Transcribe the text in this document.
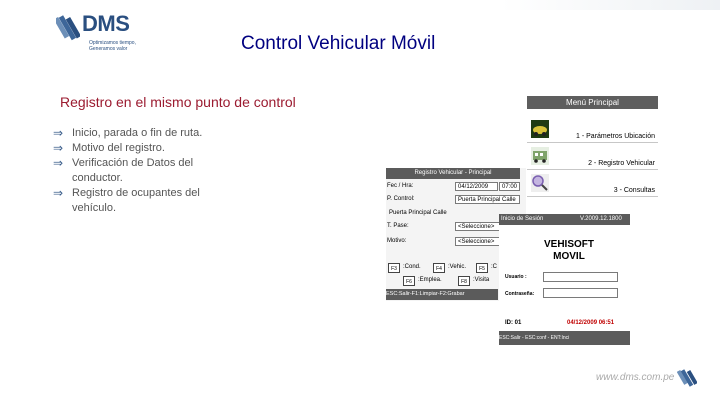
DMS
Optimizamos tiempo,
Generamos valor	Control Vehicular Móvil
Registro en el mismo punto de control
⇒ Inicio, parada o fin de ruta.
⇒ Motivo del registro.
⇒ Verificación de Datos del conductor.
⇒ Registro de ocupantes del vehículo.
Menú Principal
1 - Parámetros Ubicación
2 - Registro Vehicular
3 - Consultas
Registro Vehicular - Principal
Fec / Hra:	04/12/2009	07:00
P. Control:	Puerta Principal Calle
Puerta Principal Calle
T. Pase:	<Seleccione>
Motivo:	<Seleccione>
F3	:Cond.	F4	:Vehic.	F5	:C
F6	:Emplea.	F8	:Visita
ESC:Salir-F1:Limpiar-F2:Grabar
Inicio de Sesión	V.2009.12.1800
VEHISOFT MOVIL
Usuario :
Contraseña:
ID: 01	04/12/2009 06:51
ESC:Salir - ESC:conf - ENT:Inci
www.dms.com.pe
